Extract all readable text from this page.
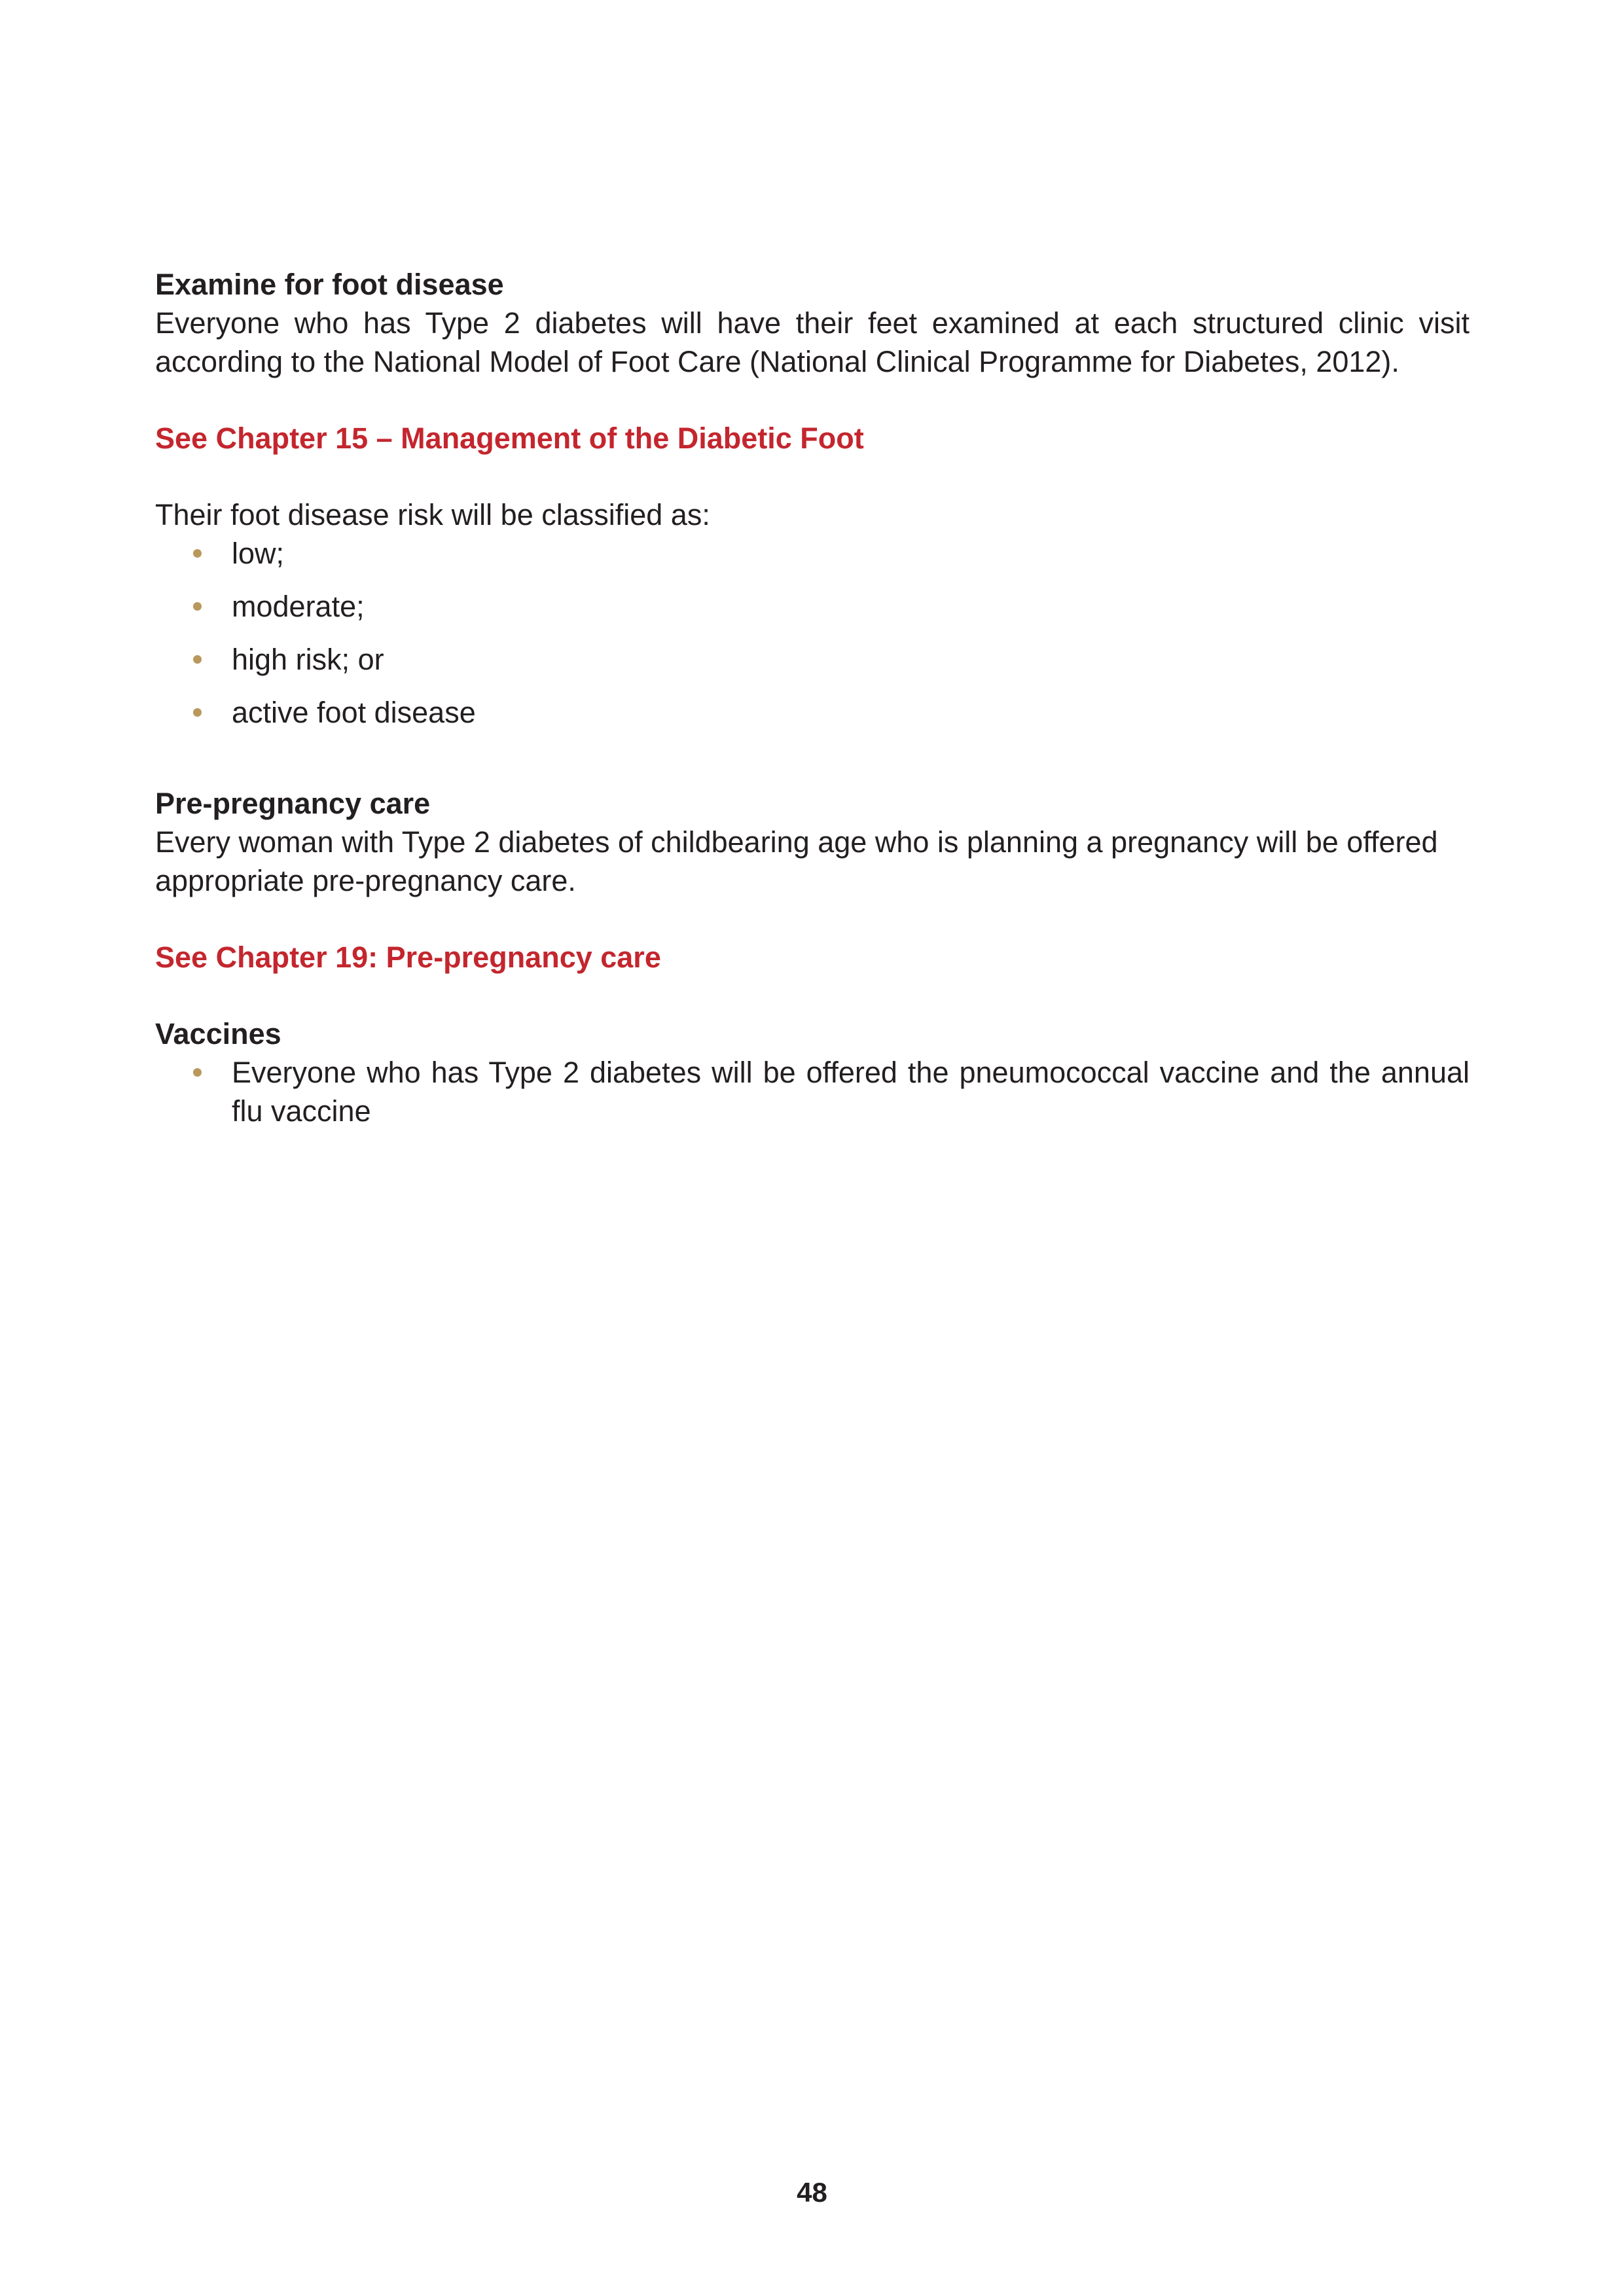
Examine for foot disease

Everyone who has Type 2 diabetes will have their feet examined at each structured clinic visit according to the National Model of Foot Care (National Clinical Programme for Diabetes, 2012).

See Chapter 15 – Management of the Diabetic Foot

Their foot disease risk will be classified as:

low;
moderate;
high risk; or
active foot disease

Pre-pregnancy care

Every woman with Type 2 diabetes of childbearing age who is planning a pregnancy will be offered appropriate pre-pregnancy care.

See Chapter 19: Pre-pregnancy care

Vaccines

Everyone who has Type 2 diabetes will be offered the pneumococcal vaccine and the annual flu vaccine
48
